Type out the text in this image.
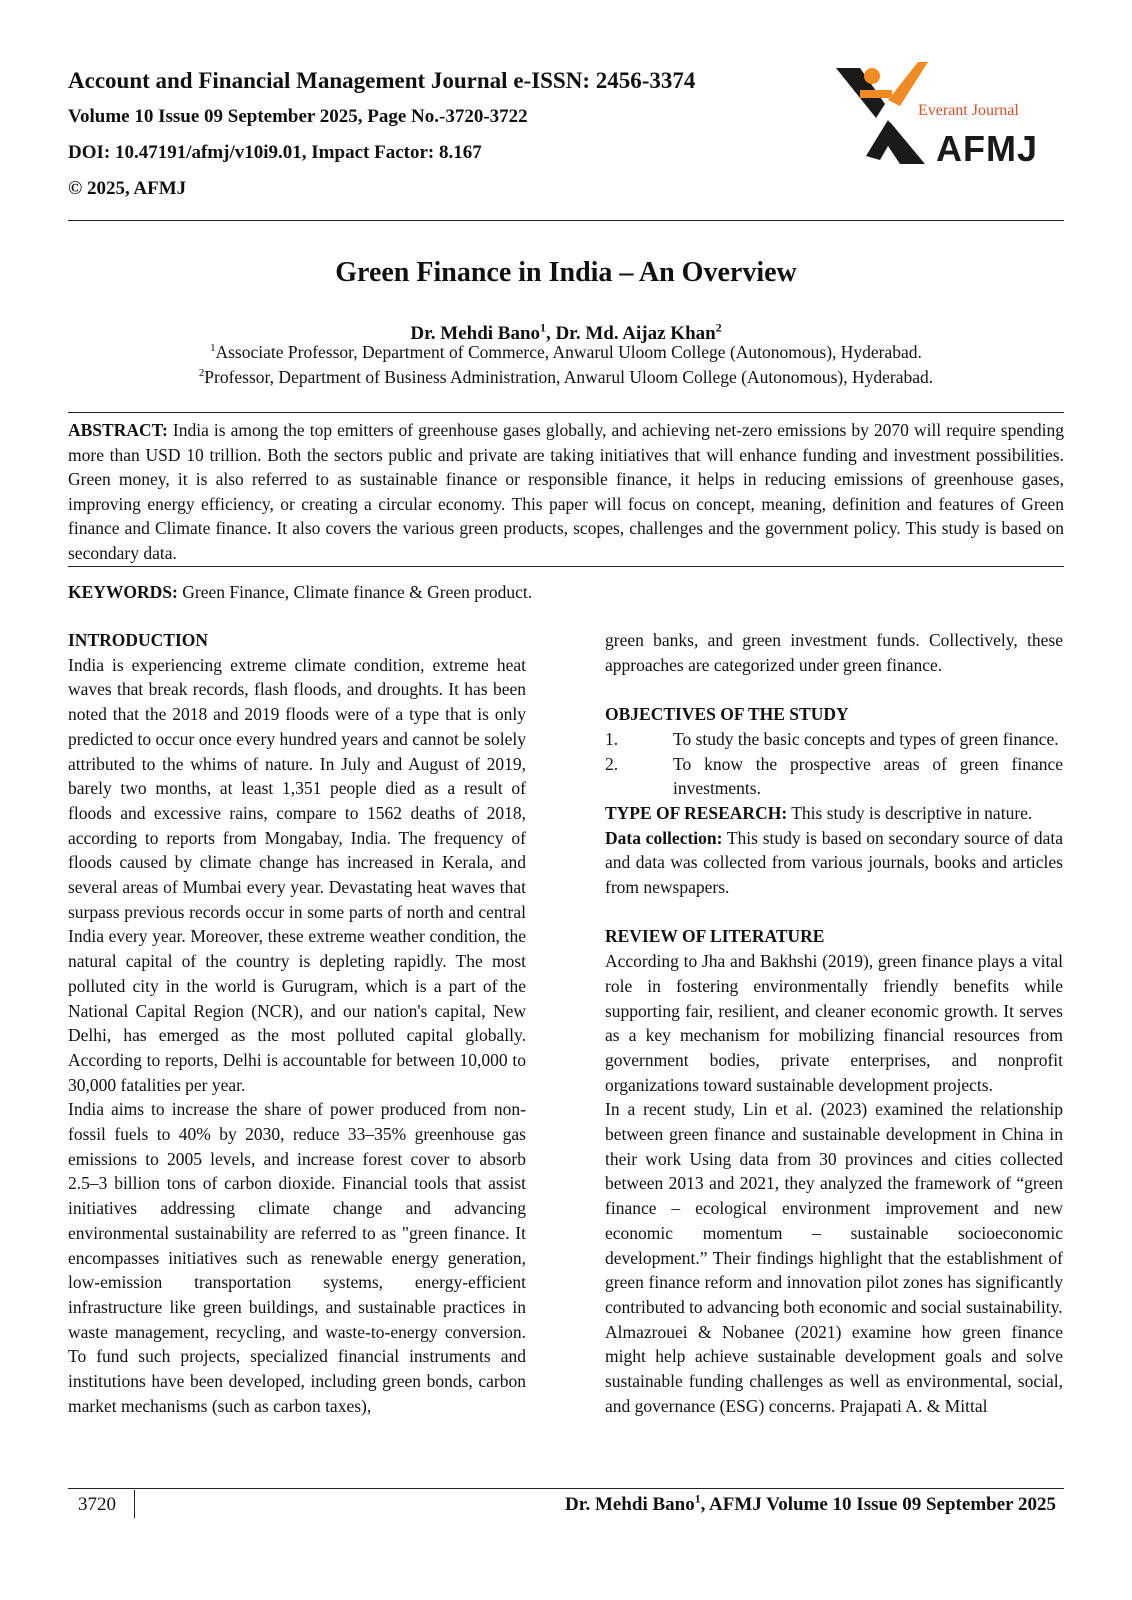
Account and Financial Management Journal e-ISSN: 2456-3374
Volume 10 Issue 09 September 2025, Page No.-3720-3722
DOI: 10.47191/afmj/v10i9.01, Impact Factor: 8.167
© 2025, AFMJ
Everant Journal
AFMJ
Green Finance in India – An Overview
Dr. Mehdi Bano$^1$, Dr. Md. Aijaz Khan$^2$
$^1$Associate Professor, Department of Commerce, Anwarul Uloom College (Autonomous), Hyderabad.
$^2$Professor, Department of Business Administration, Anwarul Uloom College (Autonomous), Hyderabad.
ABSTRACT: India is among the top emitters of greenhouse gases globally, and achieving net-zero emissions by 2070 will require spending more than USD 10 trillion. Both the sectors public and private are taking initiatives that will enhance funding and investment possibilities. Green money, it is also referred to as sustainable finance or responsible finance, it helps in reducing emissions of greenhouse gases, improving energy efficiency, or creating a circular economy. This paper will focus on concept, meaning, definition and features of Green finance and Climate finance. It also covers the various green products, scopes, challenges and the government policy. This study is based on secondary data.
KEYWORDS: Green Finance, Climate finance & Green product.
INTRODUCTION

India is experiencing extreme climate condition, extreme heat waves that break records, flash floods, and droughts. It has been noted that the 2018 and 2019 floods were of a type that is only predicted to occur once every hundred years and cannot be solely attributed to the whims of nature. In July and August of 2019, barely two months, at least 1,351 people died as a result of floods and excessive rains, compare to 1562 deaths of 2018, according to reports from Mongabay, India. The frequency of floods caused by climate change has increased in Kerala, and several areas of Mumbai every year. Devastating heat waves that surpass previous records occur in some parts of north and central India every year. Moreover, these extreme weather condition, the natural capital of the country is depleting rapidly. The most polluted city in the world is Gurugram, which is a part of the National Capital Region (NCR), and our nation's capital, New Delhi, has emerged as the most polluted capital globally. According to reports, Delhi is accountable for between 10,000 to 30,000 fatalities per year.

India aims to increase the share of power produced from non-fossil fuels to 40% by 2030, reduce 33–35% greenhouse gas emissions to 2005 levels, and increase forest cover to absorb 2.5–3 billion tons of carbon dioxide. Financial tools that assist initiatives addressing climate change and advancing environmental sustainability are referred to as "green finance. It encompasses initiatives such as renewable energy generation, low-emission transportation systems, energy-efficient infrastructure like green buildings, and sustainable practices in waste management, recycling, and waste-to-energy conversion. To fund such projects, specialized financial instruments and institutions have been developed, including green bonds, carbon market mechanisms (such as carbon taxes),

green banks, and green investment funds. Collectively, these approaches are categorized under green finance.

OBJECTIVES OF THE STUDY
1.	To study the basic concepts and types of green finance.
2.	To know the prospective areas of green finance investments.

TYPE OF RESEARCH: This study is descriptive in nature.

Data collection: This study is based on secondary source of data and data was collected from various journals, books and articles from newspapers.

REVIEW OF LITERATURE

According to Jha and Bakhshi (2019), green finance plays a vital role in fostering environmentally friendly benefits while supporting fair, resilient, and cleaner economic growth. It serves as a key mechanism for mobilizing financial resources from government bodies, private enterprises, and nonprofit organizations toward sustainable development projects.

In a recent study, Lin et al. (2023) examined the relationship between green finance and sustainable development in China in their work Using data from 30 provinces and cities collected between 2013 and 2021, they analyzed the framework of “green finance – ecological environment improvement and new economic momentum – sustainable socioeconomic development.” Their findings highlight that the establishment of green finance reform and innovation pilot zones has significantly contributed to advancing both economic and social sustainability.

Almazrouei & Nobanee (2021) examine how green finance might help achieve sustainable development goals and solve sustainable funding challenges as well as environmental, social, and governance (ESG) concerns. Prajapati A. & Mittal

3720	Dr. Mehdi Bano$^1$, AFMJ Volume 10 Issue 09 September 2025
